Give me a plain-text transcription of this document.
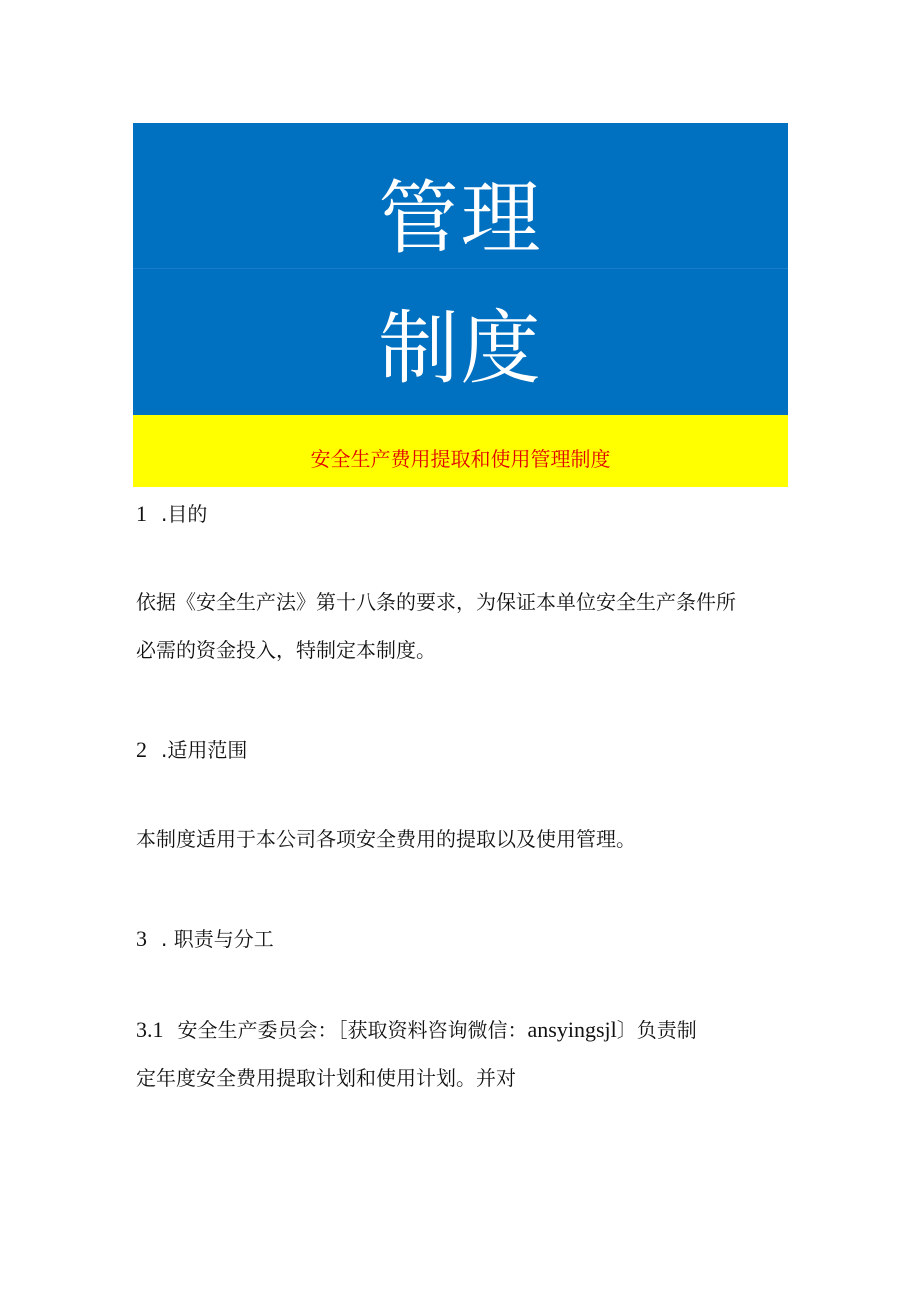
管理
制度
安全生产费用提取和使用管理制度
1 .目的
依据《安全生产法》第十八条的要求，为保证本单位安全生产条件所
必需的资金投入，特制定本制度。
2 .适用范围
本制度适用于本公司各项安全费用的提取以及使用管理。
3 . 职责与分工
3.1 安全生产委员会：［获取资料咨询微信：ansyingsjl〕负责制
定年度安全费用提取计划和使用计划。并对
